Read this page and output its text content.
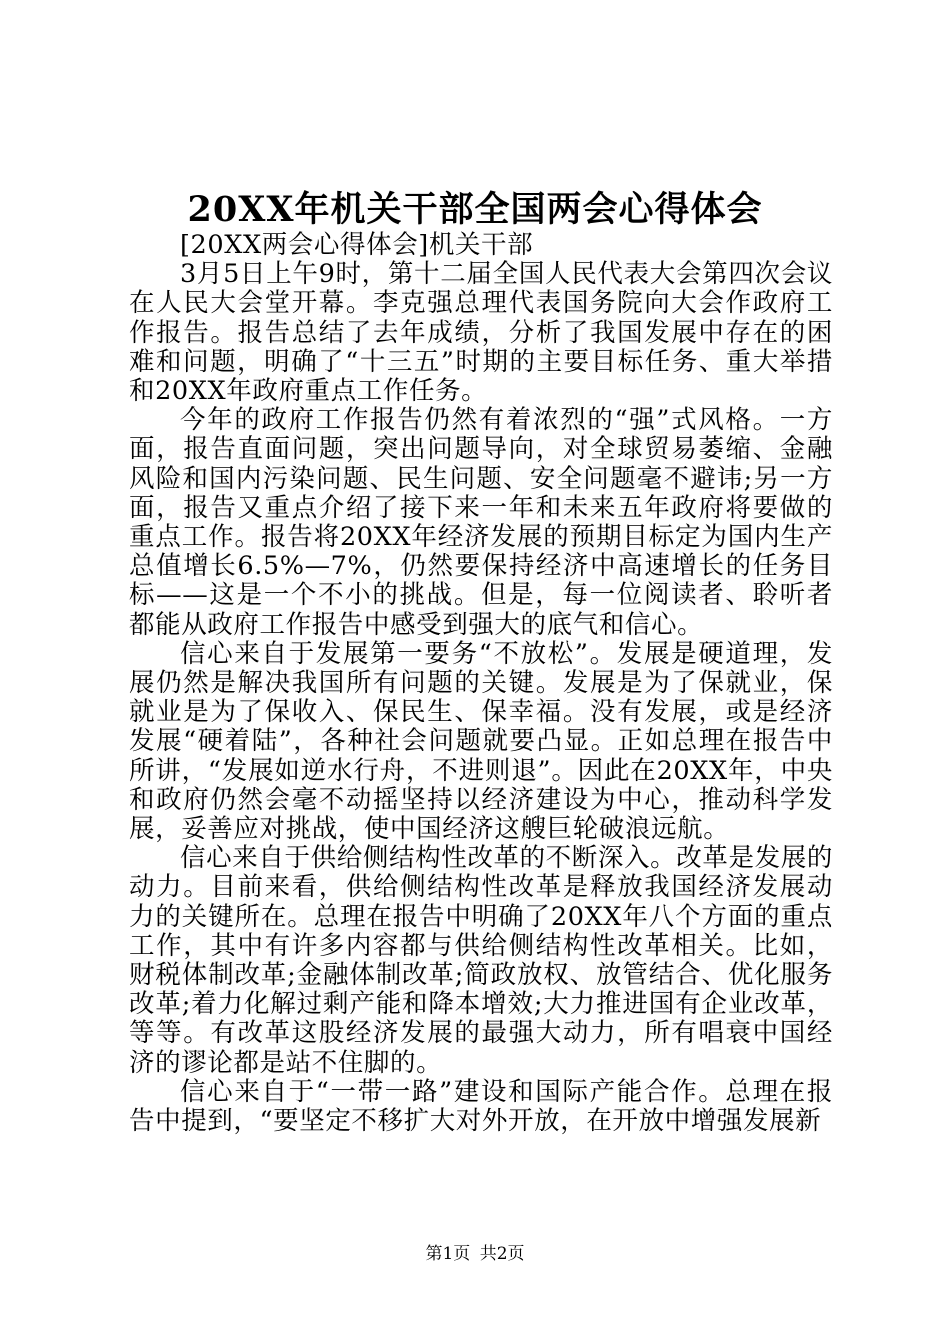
20XX年机关干部全国两会心得体会

[20XX两会心得体会]机关干部

3月5日上午9时，第十二届全国人民代表大会第四次会议在人民大会堂开幕。李克强总理代表国务院向大会作政府工作报告。报告总结了去年成绩，分析了我国发展中存在的困难和问题，明确了“十三五”时期的主要目标任务、重大举措和20XX年政府重点工作任务。

今年的政府工作报告仍然有着浓烈的“强”式风格。一方面，报告直面问题，突出问题导向，对全球贸易萎缩、金融风险和国内污染问题、民生问题、安全问题毫不避讳;另一方面，报告又重点介绍了接下来一年和未来五年政府将要做的重点工作。报告将20XX年经济发展的预期目标定为国内生产总值增长6.5%—7%，仍然要保持经济中高速增长的任务目标——这是一个不小的挑战。但是，每一位阅读者、聆听者都能从政府工作报告中感受到强大的底气和信心。

信心来自于发展第一要务“不放松”。发展是硬道理，发展仍然是解决我国所有问题的关键。发展是为了保就业，保就业是为了保收入、保民生、保幸福。没有发展，或是经济发展“硬着陆”，各种社会问题就要凸显。正如总理在报告中所讲，“发展如逆水行舟，不进则退”。因此在20XX年，中央和政府仍然会毫不动摇坚持以经济建设为中心，推动科学发展，妥善应对挑战，使中国经济这艘巨轮破浪远航。

信心来自于供给侧结构性改革的不断深入。改革是发展的动力。目前来看，供给侧结构性改革是释放我国经济发展动力的关键所在。总理在报告中明确了20XX年八个方面的重点工作，其中有许多内容都与供给侧结构性改革相关。比如，财税体制改革;金融体制改革;简政放权、放管结合、优化服务改革;着力化解过剩产能和降本增效;大力推进国有企业改革，等等。有改革这股经济发展的最强大动力，所有唱衰中国经济的谬论都是站不住脚的。

信心来自于“一带一路”建设和国际产能合作。总理在报告中提到，“要坚定不移扩大对外开放，在开放中增强发展新

第1页 共2页
